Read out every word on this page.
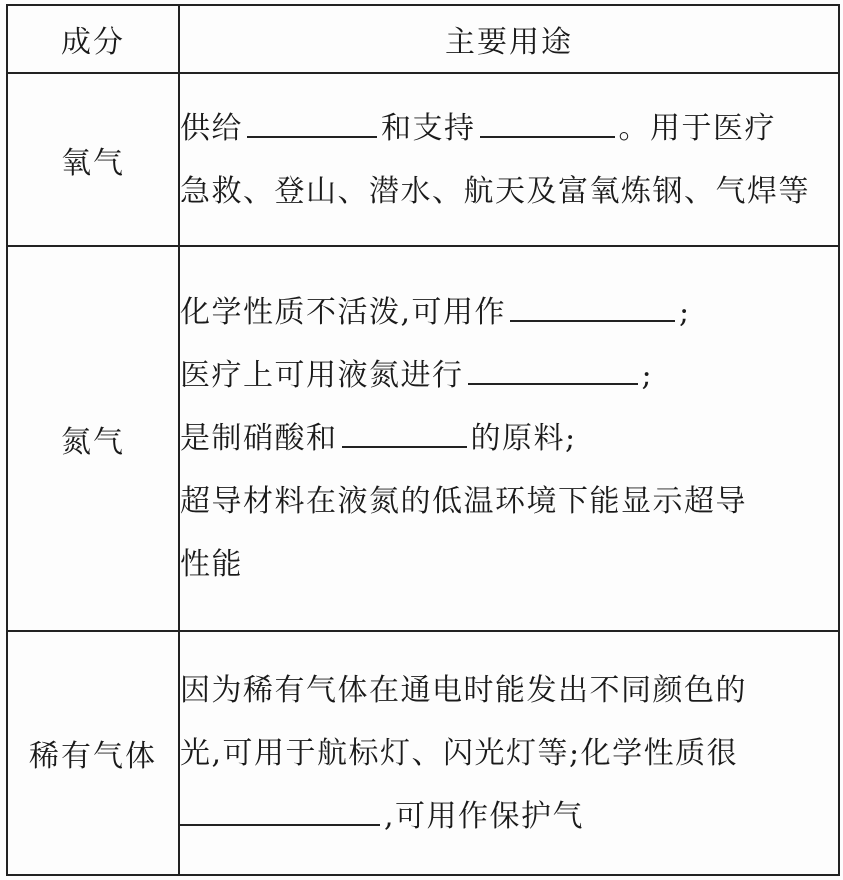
成分	主要用途
氧气	供给 和支持 。用于医疗
急救、登山、潜水、航天及富氧炼钢、气焊等

氮气	化学性质不活泼,可用作 ;
医疗上可用液氮进行 ;
是制硝酸和 的原料;
超导材料在液氮的低温环境下能显示超导
性能

稀有气体	因为稀有气体在通电时能发出不同颜色的
光,可用于航标灯、闪光灯等;化学性质很
,可用作保护气
